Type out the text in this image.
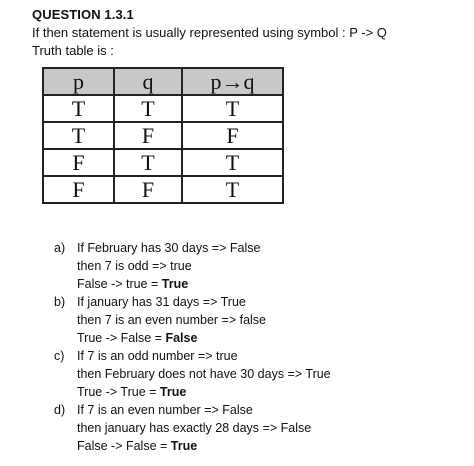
QUESTION 1.3.1
If then statement is usually represented using symbol : P -> Q
Truth table is :
p	q	p→q
T	T	T
T	F	F
F	T	T
F	F	T
a) If February has 30 days => False
then 7 is odd => true
False -> true = True
b) If january has 31 days => True
then 7 is an even number => false
True -> False = False
c)	If 7 is an odd number => true
then February does not have 30 days => True
True -> True = True
d) If 7 is an even number => False
then january has exactly 28 days => False
False -> False = True
